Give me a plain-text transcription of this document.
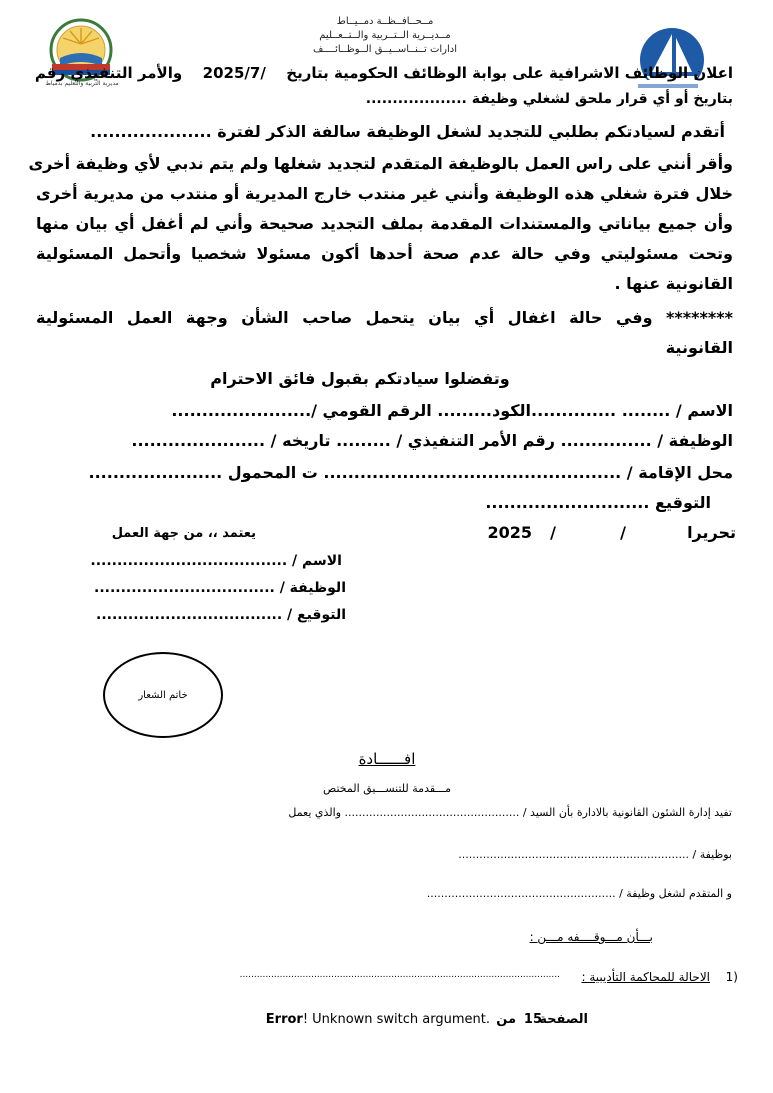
مديرية التربية والتعليم بدمياط
مــحــافــظــة دمــيــاط
مــديــرية الــتــربية والــتــعــليم
ادارات تــنــاســيــق الــوظــائــــف
اعلان الوظائف الاشرافية على بوابة الوظائف الحكومية بتاريخ  2025/7/  والأمر التنفيذي رقم
بتاريخ أو أي قرار ملحق لشغلي وظيفة ...................
أتقدم لسيادتكم بطلبي للتجديد لشغل الوظيفة سالفة الذكر لفترة ....................
وأقر أنني على راس العمل بالوظيفة المتقدم لتجديد شغلها ولم يتم ندبي لأي وظيفة أخرى
خلال فترة شغلي هذه الوظيفة وأنني غير منتدب خارج المديرية أو منتدب من مديرية أخرى
وأن جميع بياناتي والمستندات المقدمة بملف التجديد صحيحة وأني لم أغفل أي بيان منها
وتحت مسئوليتي وفي حالة عدم صحة أحدها أكون مسئولا شخصيا وأتحمل المسئولية
القانونية عنها .
******** وفي حالة اغفال أي بيان يتحمل صاحب الشأن وجهة العمل المسئولية
القانونية
وتفضلوا سيادتكم بقبول فائق الاحترام
الاسم / ........ ..............الكود......... الرقم القومي /.......................
الوظيفة / ............... رقم الأمر التنفيذي / ......... تاريخه / ......................
محل الإقامة / ................................................. ت المحمول ......................
التوقيع ...........................
تحريرا
/
/
2025
يعتمد ،، من جهة العمل
الاسم / .....................................
الوظيفة / ..................................
التوقيع / ...................................
خاتم الشعار
افــــــادة
مـــقدمة للتنســـيق المختص
تفيد إدارة الشئون القانونية بالادارة بأن السيد / .................................................. والذي يعمل
بوظيفة / ..................................................................
و المتقدم لشغل وظيفة / ......................................................
بـــأن مـــوقــــفه مـــن :
1)
الاحالة للمحاكمة التأديبية :
................................................................................................................
الصفحة
15
من
Error! Unknown switch argument.
